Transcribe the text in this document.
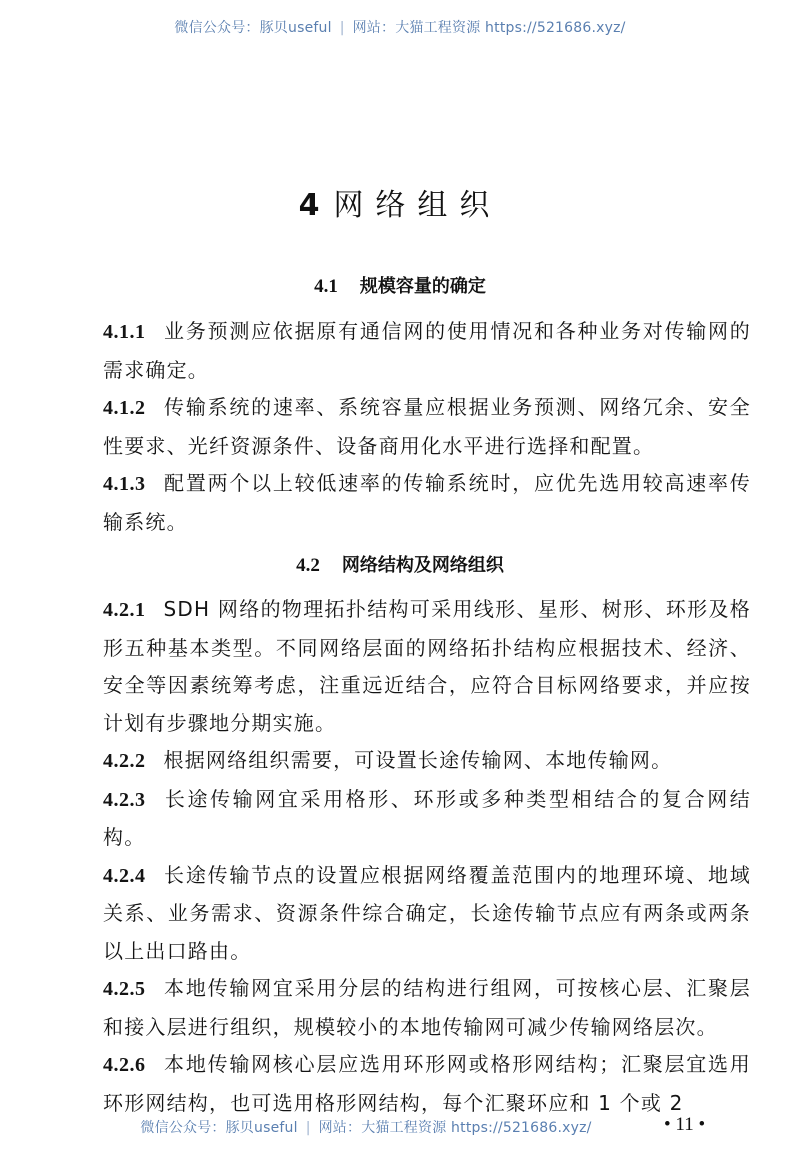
微信公众号：豚贝useful | 网站：大猫工程资源 https://521686.xyz/
4 网络组织
4.1 规模容量的确定

4.1.1 业务预测应依据原有通信网的使用情况和各种业务对传输网的需求确定。

4.1.2 传输系统的速率、系统容量应根据业务预测、网络冗余、安全性要求、光纤资源条件、设备商用化水平进行选择和配置。

4.1.3 配置两个以上较低速率的传输系统时，应优先选用较高速率传输系统。

4.2 网络结构及网络组织

4.2.1 SDH 网络的物理拓扑结构可采用线形、星形、树形、环形及格形五种基本类型。不同网络层面的网络拓扑结构应根据技术、经济、安全等因素统筹考虑，注重远近结合，应符合目标网络要求，并应按计划有步骤地分期实施。

4.2.2 根据网络组织需要，可设置长途传输网、本地传输网。

4.2.3 长途传输网宜采用格形、环形或多种类型相结合的复合网结构。

4.2.4 长途传输节点的设置应根据网络覆盖范围内的地理环境、地域关系、业务需求、资源条件综合确定，长途传输节点应有两条或两条以上出口路由。

4.2.5 本地传输网宜采用分层的结构进行组网，可按核心层、汇聚层和接入层进行组织，规模较小的本地传输网可减少传输网络层次。

4.2.6 本地传输网核心层应选用环形网或格形网结构；汇聚层宜选用环形网结构，也可选用格形网结构，每个汇聚环应和 1 个或 2

微信公众号：豚贝useful | 网站：大猫工程资源 https://521686.xyz/	• 11 •
